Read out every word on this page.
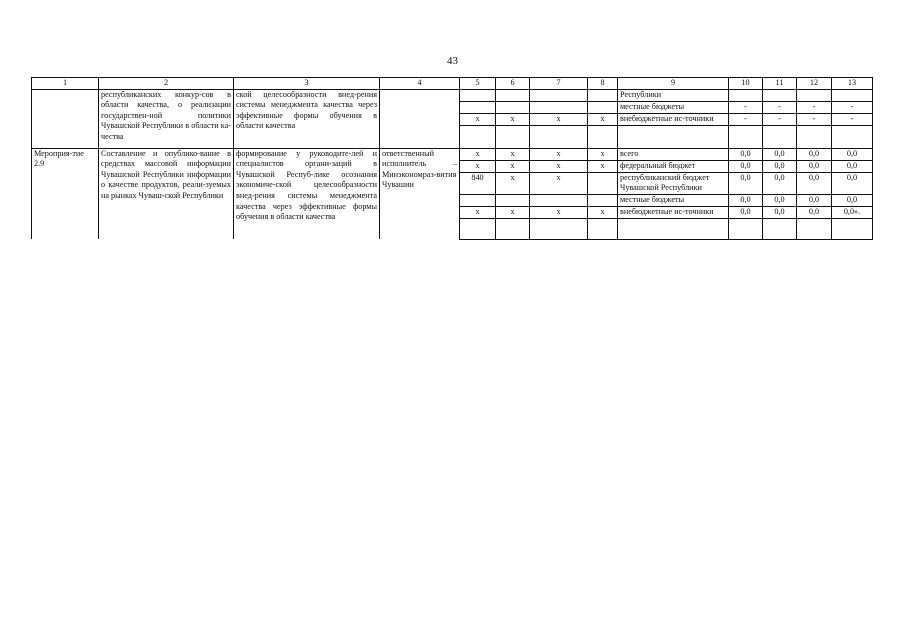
43
1	2	3	4	5	6	7	8	9	10	11	12	13
	республиканских конкур-сов в области качества, о реализации государствен-ной политики Чувашской Республики в области ка-чества	ской целесообразности внед-рения системы менеджмента качества через эффективные формы обучения в области качества						Республики				
								местные бюджеты	-	-	-	-
				x	x	x	x	внебюджетные ис-точники	-	-	-	-

Мероприя-тие 2.9	Составление и опублико-вание в средствах массовой информации Чувашской Республики информации о качестве продуктов, реали-зуемых на рынках Чуваш-ской Республики	формирование у руководите-лей и специалистов органи-заций в Чувашской Респуб-лике осознания экономиче-ской целесообразности внед-рения системы менеджмента качества через эффективные формы обучения в области качества	ответственный исполнитель – Минэкономраз-вития Чувашии	x	x	x	x	всего	0,0	0,0	0,0	0,0
				x	x	x	x	федеральный бюджет	0,0	0,0	0,0	0,0
				840	x	x		республиканский бюджет Чувашской Республики	0,0	0,0	0,0	0,0
								местные бюджеты	0,0	0,0	0,0	0,0
				x	x	x	x	внебюджетные ис-точники	0,0	0,0	0,0	0,0».
